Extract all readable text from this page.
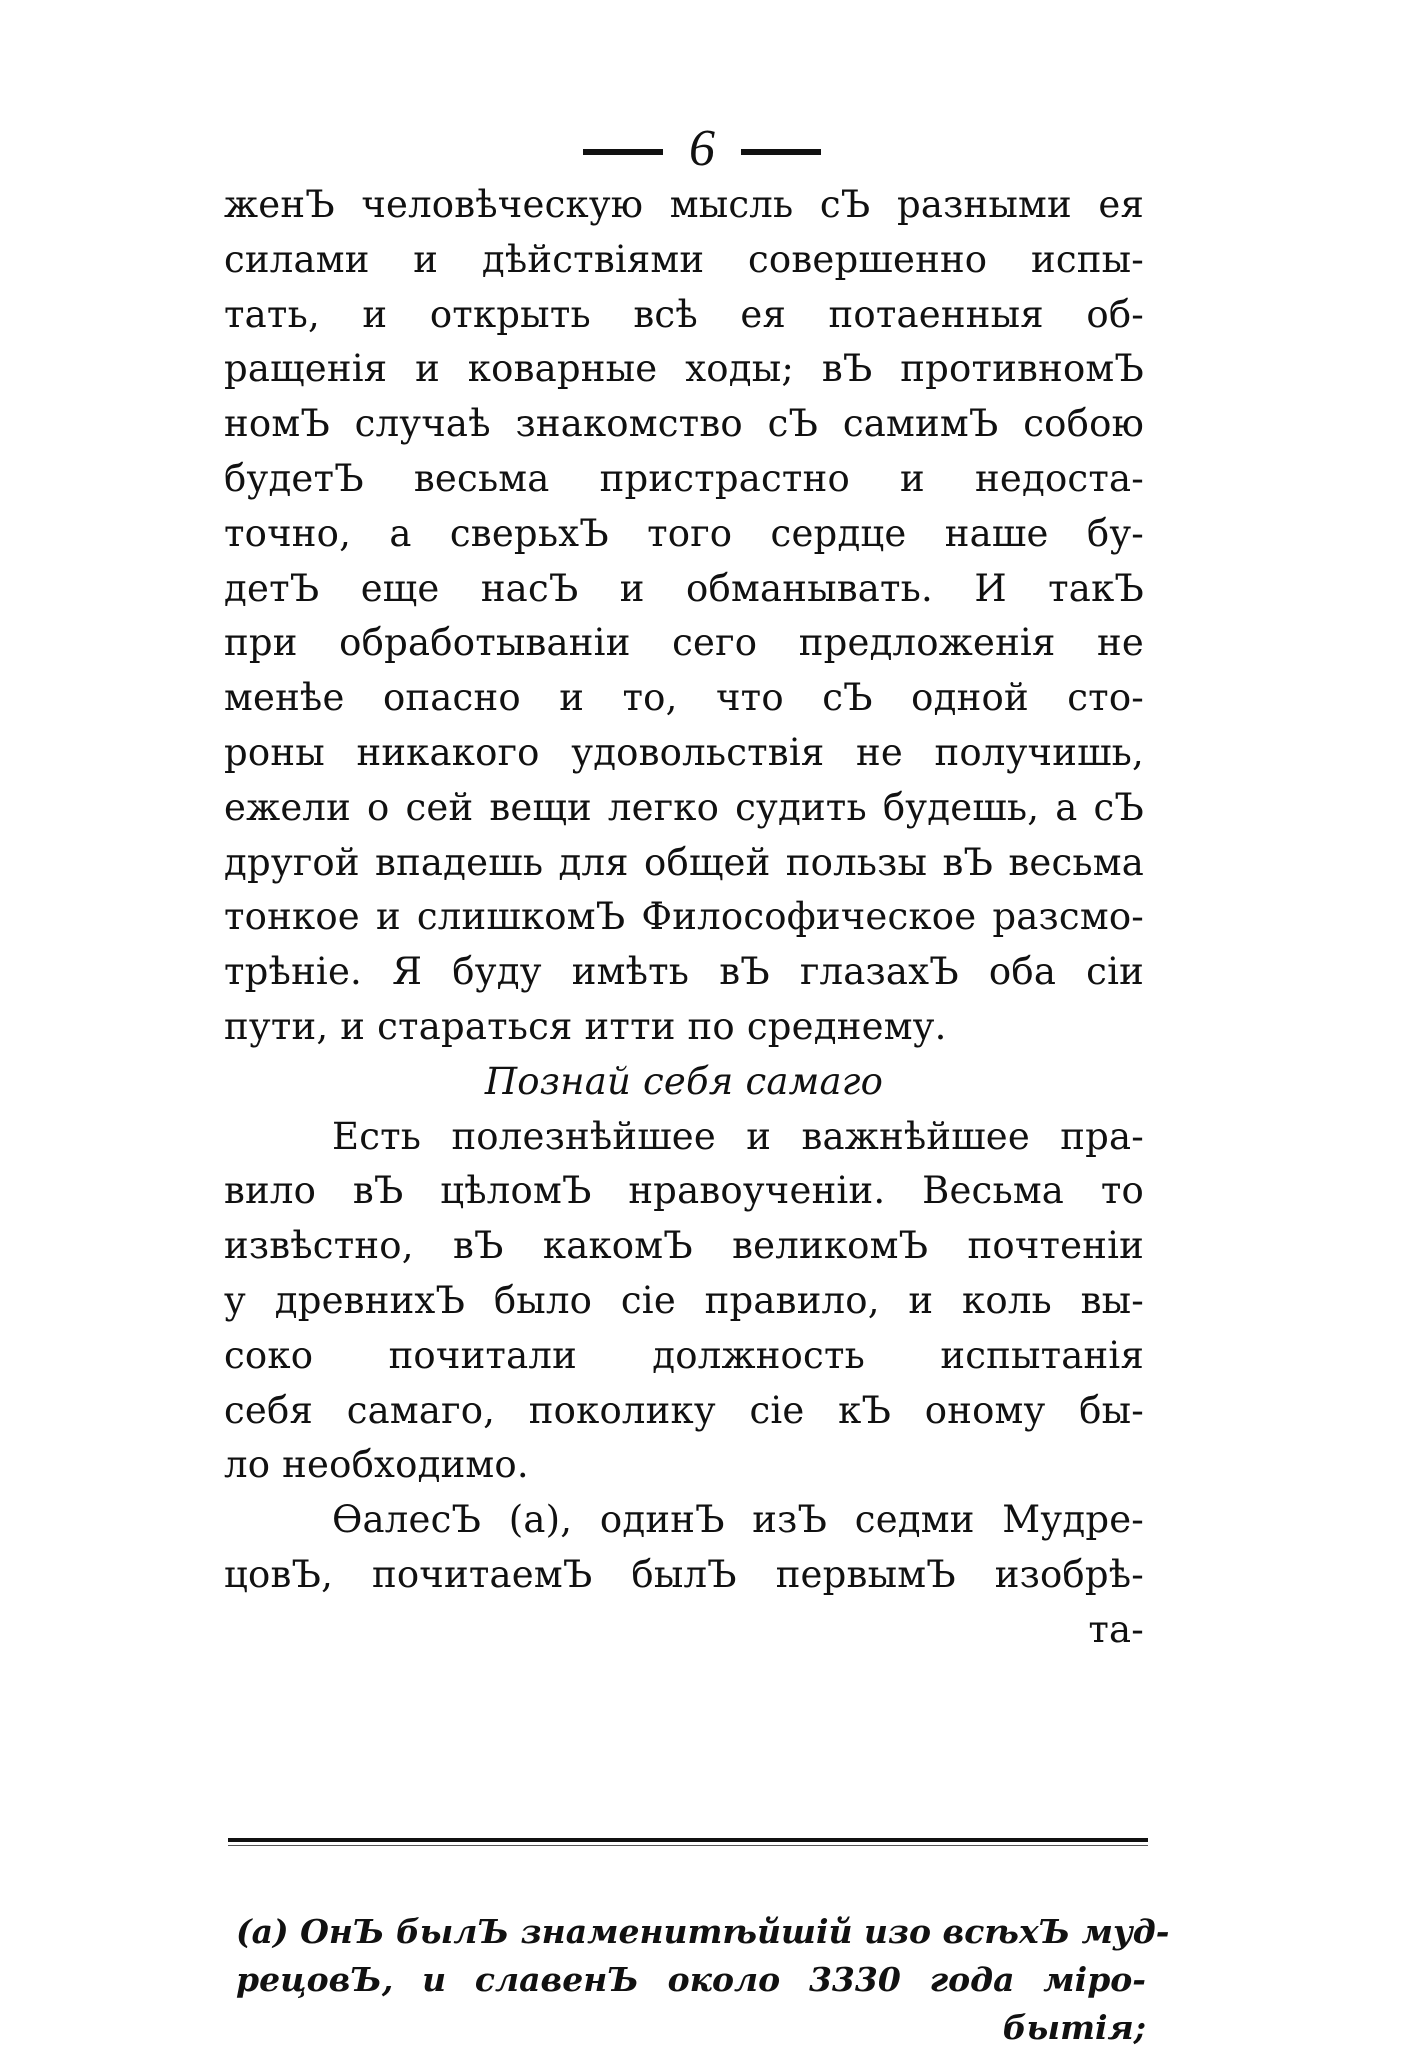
6
женЪ человѣческую мысль сЪ разными ея
силами и дѣйствіями совершенно испы-
тать, и открыть всѣ ея потаенныя об-
ращенія и коварные ходы; вЪ противномЪ
номЪ случаѣ знакомство сЪ самимЪ собою
будетЪ весьма пристрастно и недоста-
точно, а сверьхЪ того сердце наше бу-
детЪ еще насЪ и обманывать. И такЪ
при обработываніи сего предложенія не
менѣе опасно и то, что сЪ одной сто-
роны никакого удовольствія не получишь,
ежели о сей вещи легко судить будешь, а сЪ
другой впадешь для общей пользы вЪ весьма
тонкое и слишкомЪ Философическое разсмо-
трѣніе. Я буду имѣть вЪ глазахЪ оба сіи
пути, и стараться итти по среднему.
Познай себя самаго
Есть полезнѣйшее и важнѣйшее пра-
вило вЪ цѣломЪ нравоученіи. Весьма то
извѣстно, вЪ какомЪ великомЪ почтеніи
у древнихЪ было сіе правило, и коль вы-
соко почитали должность испытанія
себя самаго, поколику сіе кЪ оному бы-
ло необходимо.
ѲалесЪ (а), одинЪ изЪ седми Мудре-
цовЪ, почитаемЪ былЪ первымЪ изобрѣ-
та-
(а) ОнЪ былЪ знаменитѣйшій изо всѣхЪ муд-
рецовЪ, и славенЪ около 3330 года міро-
бытія;
